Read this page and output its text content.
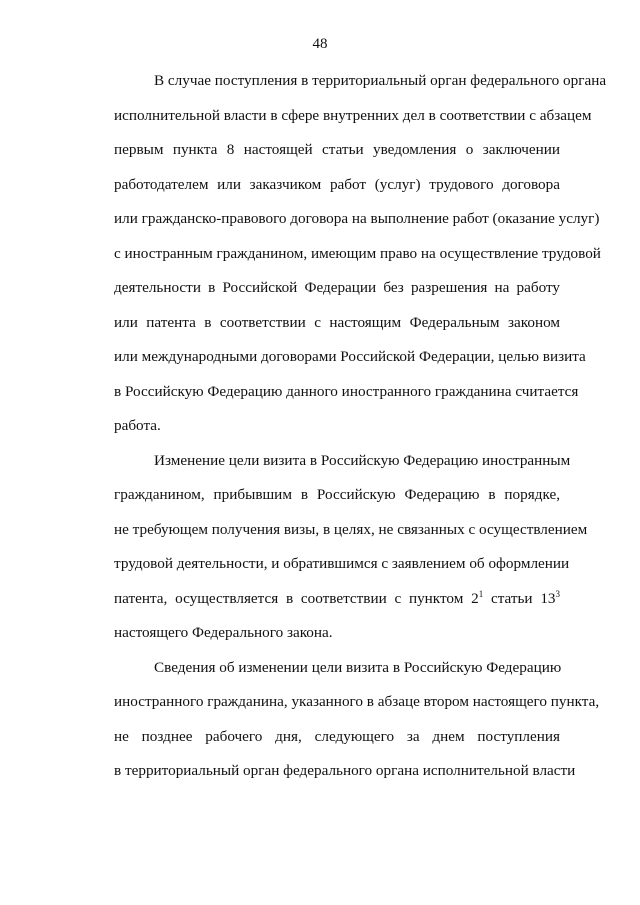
48
В случае поступления в территориальный орган федерального органа
исполнительной власти в сфере внутренних дел в соответствии с абзацем
первым пункта 8 настоящей статьи уведомления о заключении
работодателем или заказчиком работ (услуг) трудового договора
или гражданско-правового договора на выполнение работ (оказание услуг)
с иностранным гражданином, имеющим право на осуществление трудовой
деятельности в Российской Федерации без разрешения на работу
или патента в соответствии с настоящим Федеральным законом
или международными договорами Российской Федерации, целью визита
в Российскую Федерацию данного иностранного гражданина считается
работа.
Изменение цели визита в Российскую Федерацию иностранным
гражданином, прибывшим в Российскую Федерацию в порядке,
не требующем получения визы, в целях, не связанных с осуществлением
трудовой деятельности, и обратившимся с заявлением об оформлении
патента, осуществляется в соответствии с пунктом $2^1$ статьи $13^3$
настоящего Федерального закона.
Сведения об изменении цели визита в Российскую Федерацию
иностранного гражданина, указанного в абзаце втором настоящего пункта,
не позднее рабочего дня, следующего за днем поступления
в территориальный орган федерального органа исполнительной власти
